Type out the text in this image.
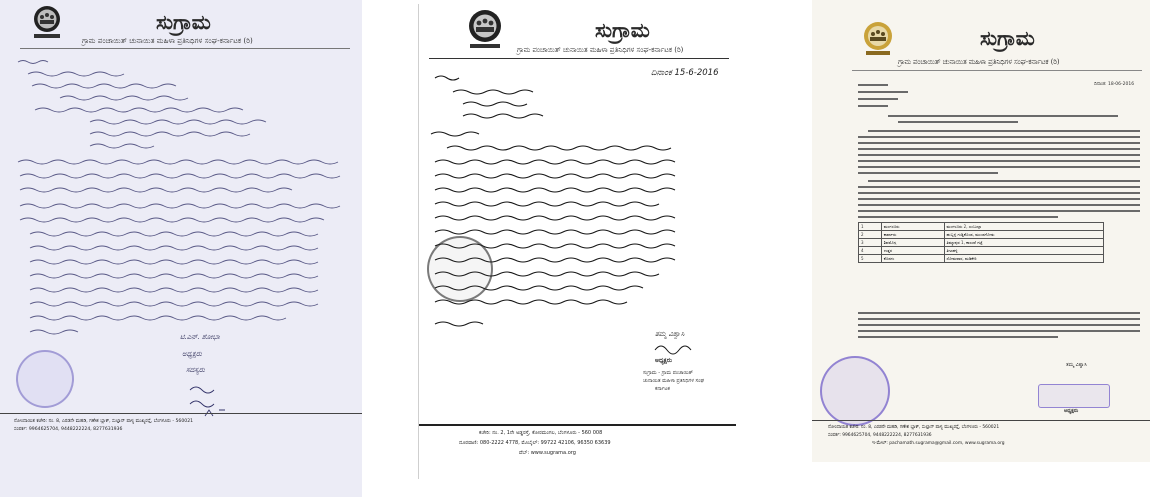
ಸುಗ್ರಾಮ
ಗ್ರಾಮ ಪಂಚಾಯಿತ್ ಚುನಾಯಿತ ಮಹಿಳಾ ಪ್ರತಿನಿಧಿಗಳ ಸಂಘ-ಕರ್ನಾಟಕ (ರಿ)
ಟಿ.ಎನ್. ಶೋಭಾ
ಅಧ್ಯಕ್ಷರು
ಸದಸ್ಯರು
ನೋಂದಾಯಿತ ಕಚೇರಿ: ನಂ. 8, ಎರಡನೇ ಮಹಡಿ, ಗಣೇಶ ಬ್ಲಾಕ್, ಸುಲ್ತಾನ್ ಪಾಳ್ಯ ಮುಖ್ಯರಸ್ತೆ, ಬೆಂಗಳೂರು - 560021
ಸಂಪರ್ಕ: 9964625704, 9448222224, 8277631936
ಸುಗ್ರಾಮ
ಗ್ರಾಮ ಪಂಚಾಯಿತ್ ಚುನಾಯಿತ ಮಹಿಳಾ ಪ್ರತಿನಿಧಿಗಳ ಸಂಘ-ಕರ್ನಾಟಕ (ರಿ)
ದಿನಾಂಕ 15-6-2016
ತಮ್ಮ ವಿಶ್ವಾಸಿ
ಅಧ್ಯಕ್ಷರು
ಸುಗ್ರಾಮ - ಗ್ರಾಮ ಪಂಚಾಯಿತ್
ಚುನಾಯಿತ ಮಹಿಳಾ ಪ್ರತಿನಿಧಿಗಳ ಸಂಘ
ಕರ್ನಾಟಕ
ಕಚೇರಿ: ನಂ. 2, 1ನೇ ಅಡ್ಡರಸ್ತೆ, ಕೋರಮಂಗಲ, ಬೆಂಗಳೂರು - 560 008
ದೂರವಾಣಿ: 080-2222 4778, ಮೊಬೈಲ್: 99722 42106, 96350 63639
ವೆಬ್: www.sugrama.org
ಸುಗ್ರಾಮ
ಗ್ರಾಮ ಪಂಚಾಯಿತ್ ಚುನಾಯಿತ ಮಹಿಳಾ ಪ್ರತಿನಿಧಿಗಳ ಸಂಘ-ಕರ್ನಾಟಕ (ರಿ)
ದಿನಾಂಕ: 18-06-2016
1	ಮಂಗಳೂರು	ಮಂಗಳೂರು 2, ಎಂಬುಲ್ಸಾ
2	ಕಾರ್ವಾರು	ಹುಬ್ಬಳ್ಳಿ ಗುಡ್ಡಿಕೊಂಡ, ಮುಂಡಗೋಡು
3	ಶಿವಮೊಗ್ಗ	ತಿಮ್ಮಾಪುರ 1, ಕಾಲುವೆ ಗಟ್ಟೆ
4	ಉತ್ತರ	ತೀಟಹಳ್ಳಿ
5	ಕೊಡಗು	ಸೋಮವಾರ, ಮಡಿಕೇರಿ
ತಮ್ಮ ವಿಶ್ವಾಸಿ
ಅಧ್ಯಕ್ಷರು
ನೋಂದಾಯಿತ ಕಚೇರಿ: ನಂ. 8, ಎರಡನೇ ಮಹಡಿ, ಗಣೇಶ ಬ್ಲಾಕ್, ಸುಲ್ತಾನ್ ಪಾಳ್ಯ ಮುಖ್ಯರಸ್ತೆ, ಬೆಂಗಳೂರು - 560021
ಸಂಪರ್ಕ: 9964625704, 9448222224, 8277631936
ಇ-ಮೇಲ್: pachamath.sugrama@gmail.com, www.sugrama.org
